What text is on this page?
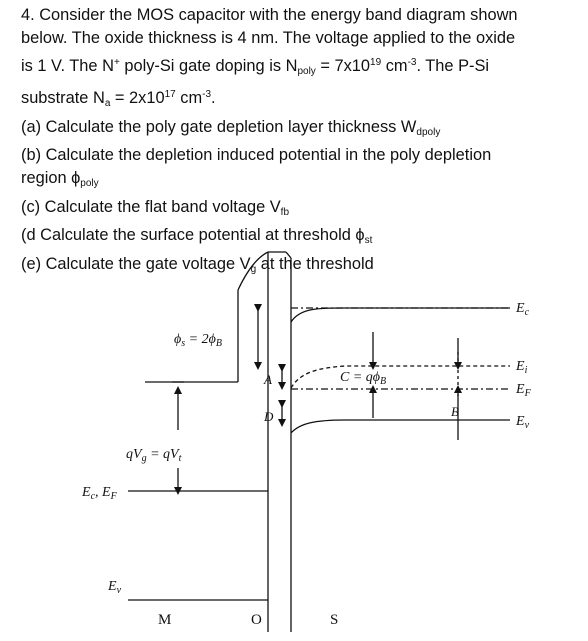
4. Consider the MOS capacitor with the energy band diagram shown

below. The oxide thickness is 4 nm. The voltage applied to the oxide

is 1 V. The N+ poly-Si gate doping is $N_{poly} = 7x10^{19}$ $cm^{-3}$. The P-Si

substrate $N_a = 2x10^{17}$ $cm^{-3}$.

(a) Calculate the poly gate depletion layer thickness $W_{dpoly}$

(b) Calculate the depletion induced potential in the poly depletion

region $\phi_{poly}$

(c) Calculate the flat band voltage $V_{fb}$

(d Calculate the surface potential at threshold $\phi_{st}$

(e) Calculate the gate voltage $V_g$ at the threshold

$E_c$
$E_i$
$E_F$
$E_v$
$\phi_s = 2\phi_B$
$C = q\phi_B$
B
A
D
$qV_g = qV_t$
$E_c$, $E_F$
$E_v$
M	O	S
